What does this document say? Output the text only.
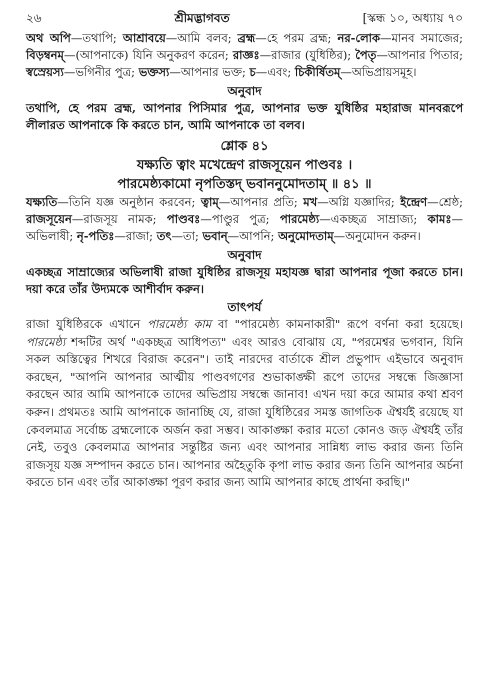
২৬	শ্রীমদ্ভাগবত	[স্কন্ধ ১০, অধ্যায় ৭০

অথ অপি—তথাপি; আশ্রাবয়ে—আমি বলব; ব্রহ্ম—হে পরম ব্রহ্ম; নর-লোক—মানব সমাজের; বিড়ম্বনম্—(আপনাকে) যিনি অনুকরণ করেন; রাজ্ঞঃ—রাজার (যুধিষ্ঠির); পৈতৃ—আপনার পিতার; স্বস্রেয়স্য—ভগিনীর পুত্র; ভক্তস্য—আপনার ভক্ত; চ—এবং; চিকীর্ষিতম্—অভিপ্রায়সমূহ।

অনুবাদ

তথাপি, হে পরম ব্রহ্ম, আপনার পিসিমার পুত্র, আপনার ভক্ত যুধিষ্ঠির মহারাজ মানবরূপে লীলারত আপনাকে কি করতে চান, আমি আপনাকে তা বলব।

শ্লোক ৪১
যক্ষ্যতি ত্বাং মখেন্দ্রেণ রাজসূয়েন পাণ্ডবঃ ।
পারমেষ্ঠ্যকামো নৃপতিস্তদ্ ভবাননুমোদতাম্ ॥ ৪১ ॥

যক্ষ্যতি—তিনি যজ্ঞ অনুষ্ঠান করবেন; ত্বাম্—আপনার প্রতি; মখ—অগ্নি যজ্ঞাদির; ইন্দ্রেণ—শ্রেষ্ঠ; রাজসূয়েন—রাজসূয় নামক; পাণ্ডবঃ—পাণ্ডুর পুত্র; পারমেষ্ঠ্য—একচ্ছত্র সাম্রাজ্য; কামঃ—অভিলাষী; নৃ-পতিঃ—রাজা; তৎ—তা; ভবান্—আপনি; অনুমোদতাম্—অনুমোদন করুন।

অনুবাদ

একচ্ছত্র সাম্রাজ্যের অভিলাষী রাজা যুধিষ্ঠির রাজসূয় মহাযজ্ঞ দ্বারা আপনার পূজা করতে চান। দয়া করে তাঁর উদ্যমকে আশীর্বাদ করুন।

তাৎপর্য

রাজা যুধিষ্ঠিরকে এখানে পারমেষ্ঠ্য কাম বা "পারমেষ্ঠ্য কামনাকারী" রূপে বর্ণনা করা হয়েছে। পারমেষ্ঠ্য শব্দটির অর্থ "একচ্ছত্র আধিপত্য" এবং আরও বোঝায় যে, "পরমেশ্বর ভগবান, যিনি সকল অস্তিত্বের শিখরে বিরাজ করেন"। তাই নারদের বার্তাকে শ্রীল প্রভুপাদ এইভাবে অনুবাদ করছেন, "আপনি আপনার আত্মীয় পাণ্ডবগণের শুভাকাঙ্ক্ষী রূপে তাদের সম্বন্ধে জিজ্ঞাসা করছেন আর আমি আপনাকে তাদের অভিপ্রায় সম্বন্ধে জানাব! এখন দয়া করে আমার কথা শ্রবণ করুন। প্রথমতঃ আমি আপনাকে জানাচ্ছি যে, রাজা যুধিষ্ঠিরের সমস্ত জাগতিক ঐশ্বর্যই রয়েছে যা কেবলমাত্র সর্বোচ্চ ব্রহ্মলোকে অর্জন করা সম্ভব। আকাঙ্ক্ষা করার মতো কোনও জড় ঐশ্বর্যই তাঁর নেই, তবুও কেবলমাত্র আপনার সন্তুষ্টির জন্য এবং আপনার সান্নিধ্য লাভ করার জন্য তিনি রাজসূয় যজ্ঞ সম্পাদন করতে চান। আপনার অহৈতুকি কৃপা লাভ করার জন্য তিনি আপনার অর্চনা করতে চান এবং তাঁর আকাঙ্ক্ষা পূরণ করার জন্য আমি আপনার কাছে প্রার্থনা করছি।"
